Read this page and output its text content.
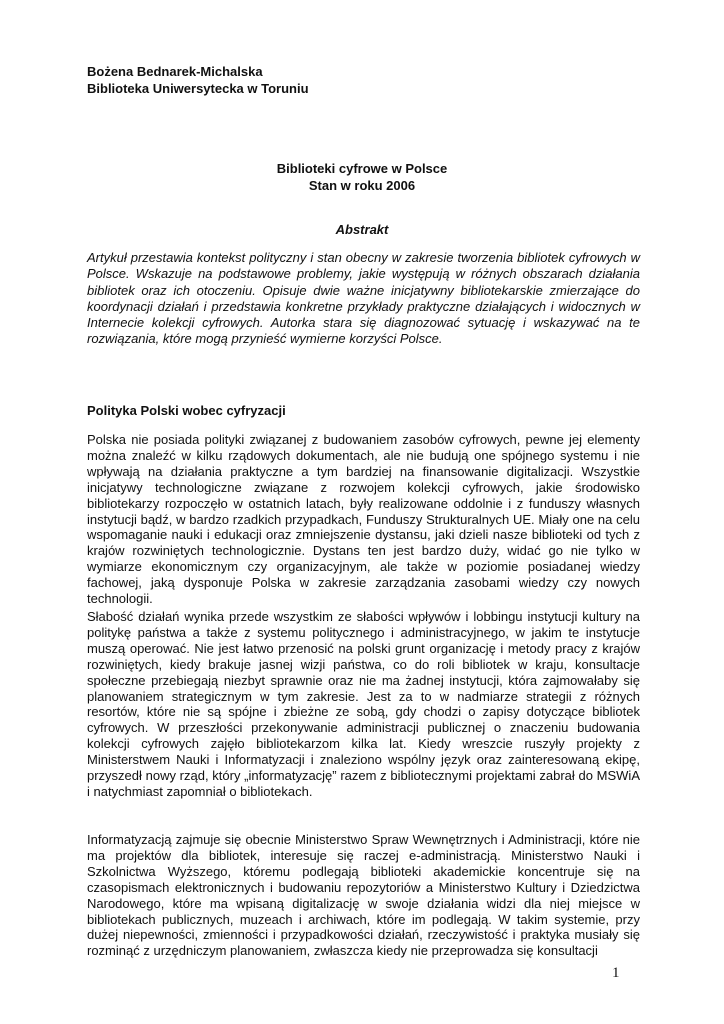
Bożena Bednarek-Michalska
Biblioteka Uniwersytecka w Toruniu
Biblioteki cyfrowe w Polsce
Stan w roku 2006
Abstrakt

Artykuł przestawia kontekst polityczny i stan obecny w zakresie tworzenia bibliotek cyfrowych w Polsce. Wskazuje na podstawowe problemy, jakie występują w różnych obszarach działania bibliotek oraz ich otoczeniu. Opisuje dwie ważne inicjatywny bibliotekarskie zmierzające do koordynacji działań i przedstawia konkretne przykłady praktyczne działających i widocznych w Internecie kolekcji cyfrowych. Autorka stara się diagnozować sytuację i wskazywać na te rozwiązania, które mogą przynieść wymierne korzyści Polsce.

Polityka Polski wobec cyfryzacji

Polska nie posiada polityki związanej z budowaniem zasobów cyfrowych, pewne jej elementy można znaleźć w kilku rządowych dokumentach, ale nie budują one spójnego systemu i nie wpływają na działania praktyczne a tym bardziej na finansowanie digitalizacji. Wszystkie inicjatywy technologiczne związane z rozwojem kolekcji cyfrowych, jakie środowisko bibliotekarzy rozpoczęło w ostatnich latach, były realizowane oddolnie i z funduszy własnych instytucji bądź, w bardzo rzadkich przypadkach, Funduszy Strukturalnych UE. Miały one na celu wspomaganie nauki i edukacji oraz zmniejszenie dystansu, jaki dzieli nasze biblioteki od tych z krajów rozwiniętych technologicznie. Dystans ten jest bardzo duży, widać go nie tylko w wymiarze ekonomicznym czy organizacyjnym, ale także w poziomie posiadanej wiedzy fachowej, jaką dysponuje Polska w zakresie zarządzania zasobami wiedzy czy nowych technologii.

Słabość działań wynika przede wszystkim ze słabości wpływów i lobbingu instytucji kultury na politykę państwa a także z systemu politycznego i administracyjnego, w jakim te instytucje muszą operować. Nie jest łatwo przenosić na polski grunt organizację i metody pracy z krajów rozwiniętych, kiedy brakuje jasnej wizji państwa, co do roli bibliotek w kraju, konsultacje społeczne przebiegają niezbyt sprawnie oraz nie ma żadnej instytucji, która zajmowałaby się planowaniem strategicznym w tym zakresie. Jest za to w nadmiarze strategii z różnych resortów, które nie są spójne i zbieżne ze sobą, gdy chodzi o zapisy dotyczące bibliotek cyfrowych. W przeszłości przekonywanie administracji publicznej o znaczeniu budowania kolekcji cyfrowych zajęło bibliotekarzom kilka lat. Kiedy wreszcie ruszyły projekty z Ministerstwem Nauki i Informatyzacji i znaleziono wspólny język oraz zainteresowaną ekipę, przyszedł nowy rząd, który „informatyzację” razem z bibliotecznymi projektami zabrał do MSWiA i natychmiast zapomniał o bibliotekach.

Informatyzacją zajmuje się obecnie Ministerstwo Spraw Wewnętrznych i Administracji, które nie ma projektów dla bibliotek, interesuje się raczej e-administracją. Ministerstwo Nauki i Szkolnictwa Wyższego, któremu podlegają biblioteki akademickie koncentruje się na czasopismach elektronicznych i budowaniu repozytoriów a Ministerstwo Kultury i Dziedzictwa Narodowego, które ma wpisaną digitalizację w swoje działania widzi dla niej miejsce w bibliotekach publicznych, muzeach i archiwach, które im podlegają. W takim systemie, przy dużej niepewności, zmienności i przypadkowości działań, rzeczywistość i praktyka musiały się rozminąć z urzędniczym planowaniem, zwłaszcza kiedy nie przeprowadza się konsultacji

1
